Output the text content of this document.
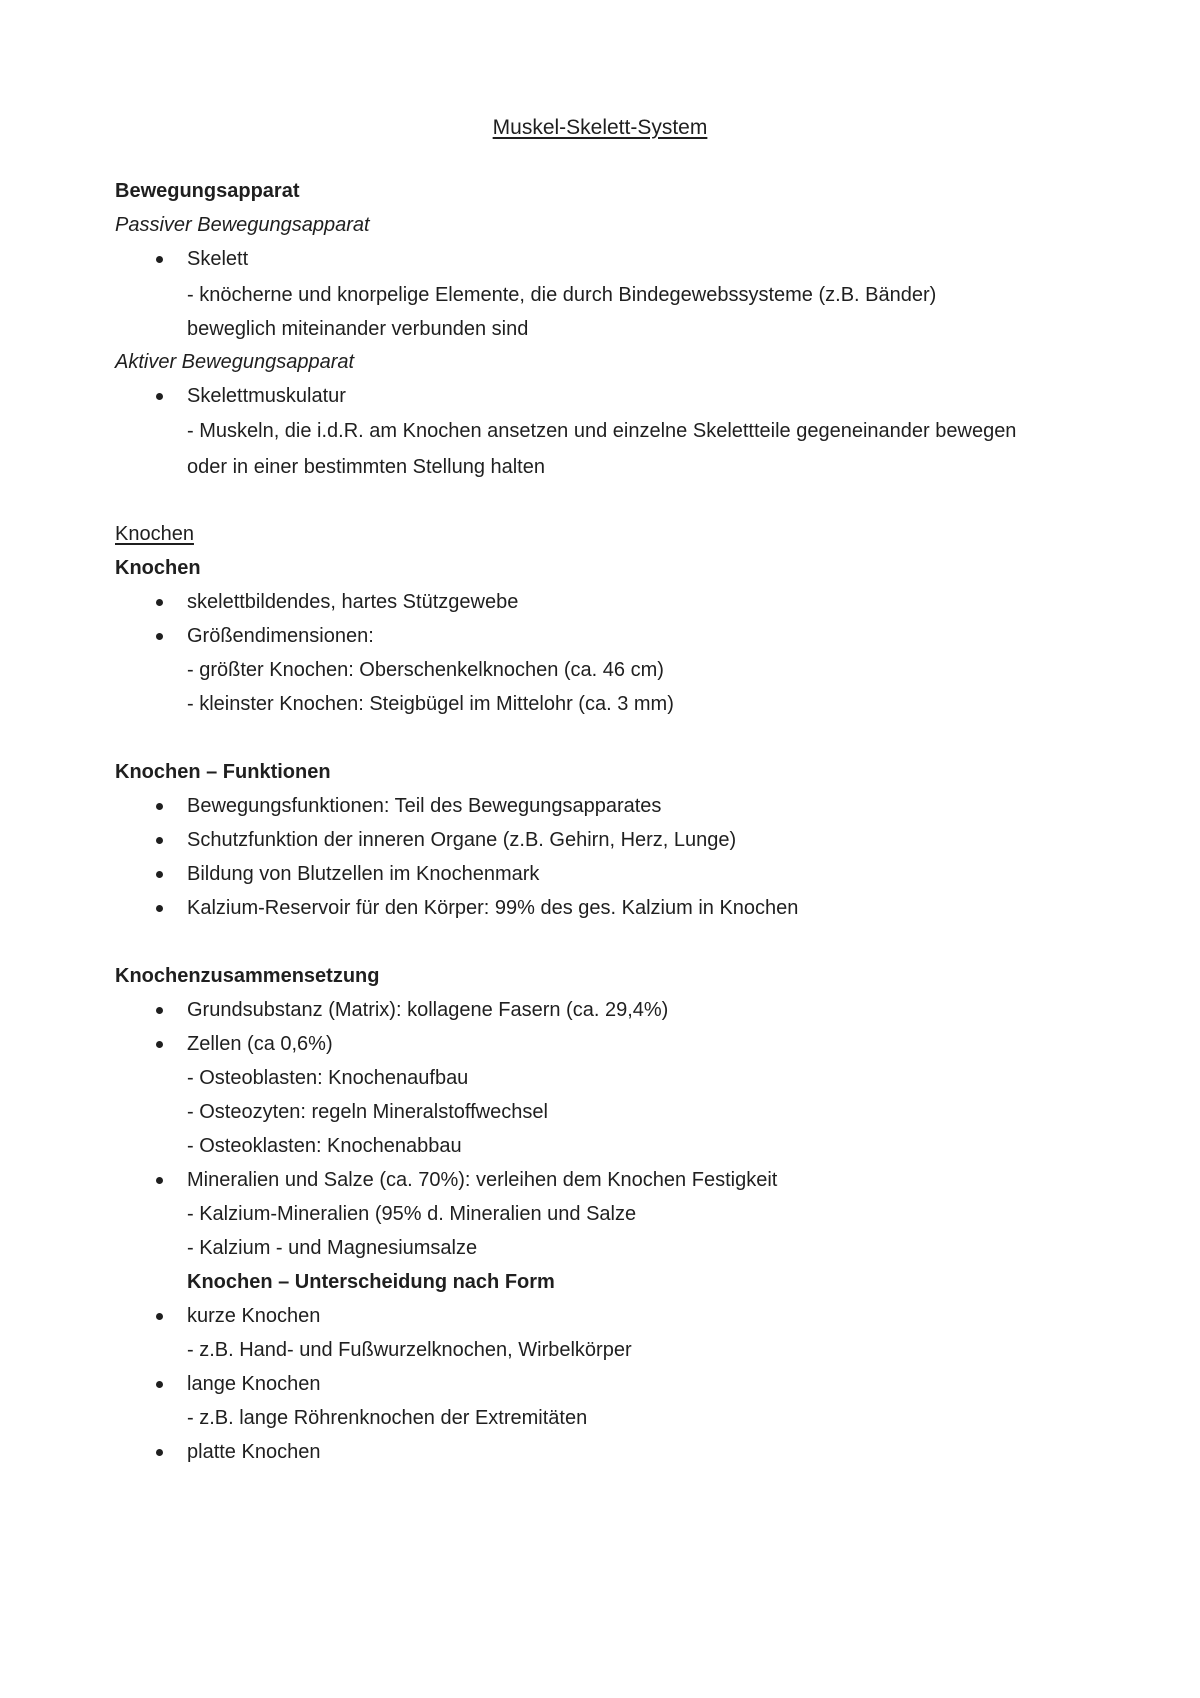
Muskel-Skelett-System
Bewegungsapparat
Passiver Bewegungsapparat
Skelett
- knöcherne und knorpelige Elemente, die durch Bindegewebssysteme (z.B. Bänder)
beweglich miteinander verbunden sind
Aktiver Bewegungsapparat
Skelettmuskulatur
- Muskeln, die i.d.R. am Knochen ansetzen und einzelne Skelettteile gegeneinander bewegen
oder in einer bestimmten Stellung halten
Knochen
Knochen
skelettbildendes, hartes Stützgewebe
Größendimensionen:
- größter Knochen: Oberschenkelknochen (ca. 46 cm)
- kleinster Knochen: Steigbügel im Mittelohr (ca. 3 mm)
Knochen – Funktionen
Bewegungsfunktionen: Teil des Bewegungsapparates
Schutzfunktion der inneren Organe (z.B. Gehirn, Herz, Lunge)
Bildung von Blutzellen im Knochenmark
Kalzium-Reservoir für den Körper: 99% des ges. Kalzium in Knochen
Knochenzusammensetzung
Grundsubstanz (Matrix): kollagene Fasern (ca. 29,4%)
Zellen (ca 0,6%)
- Osteoblasten: Knochenaufbau
- Osteozyten: regeln Mineralstoffwechsel
- Osteoklasten: Knochenabbau
Mineralien und Salze (ca. 70%): verleihen dem Knochen Festigkeit
- Kalzium-Mineralien (95% d. Mineralien und Salze
- Kalzium - und Magnesiumsalze
Knochen – Unterscheidung nach Form
kurze Knochen
- z.B. Hand- und Fußwurzelknochen, Wirbelkörper
lange Knochen
- z.B. lange Röhrenknochen der Extremitäten
platte Knochen
